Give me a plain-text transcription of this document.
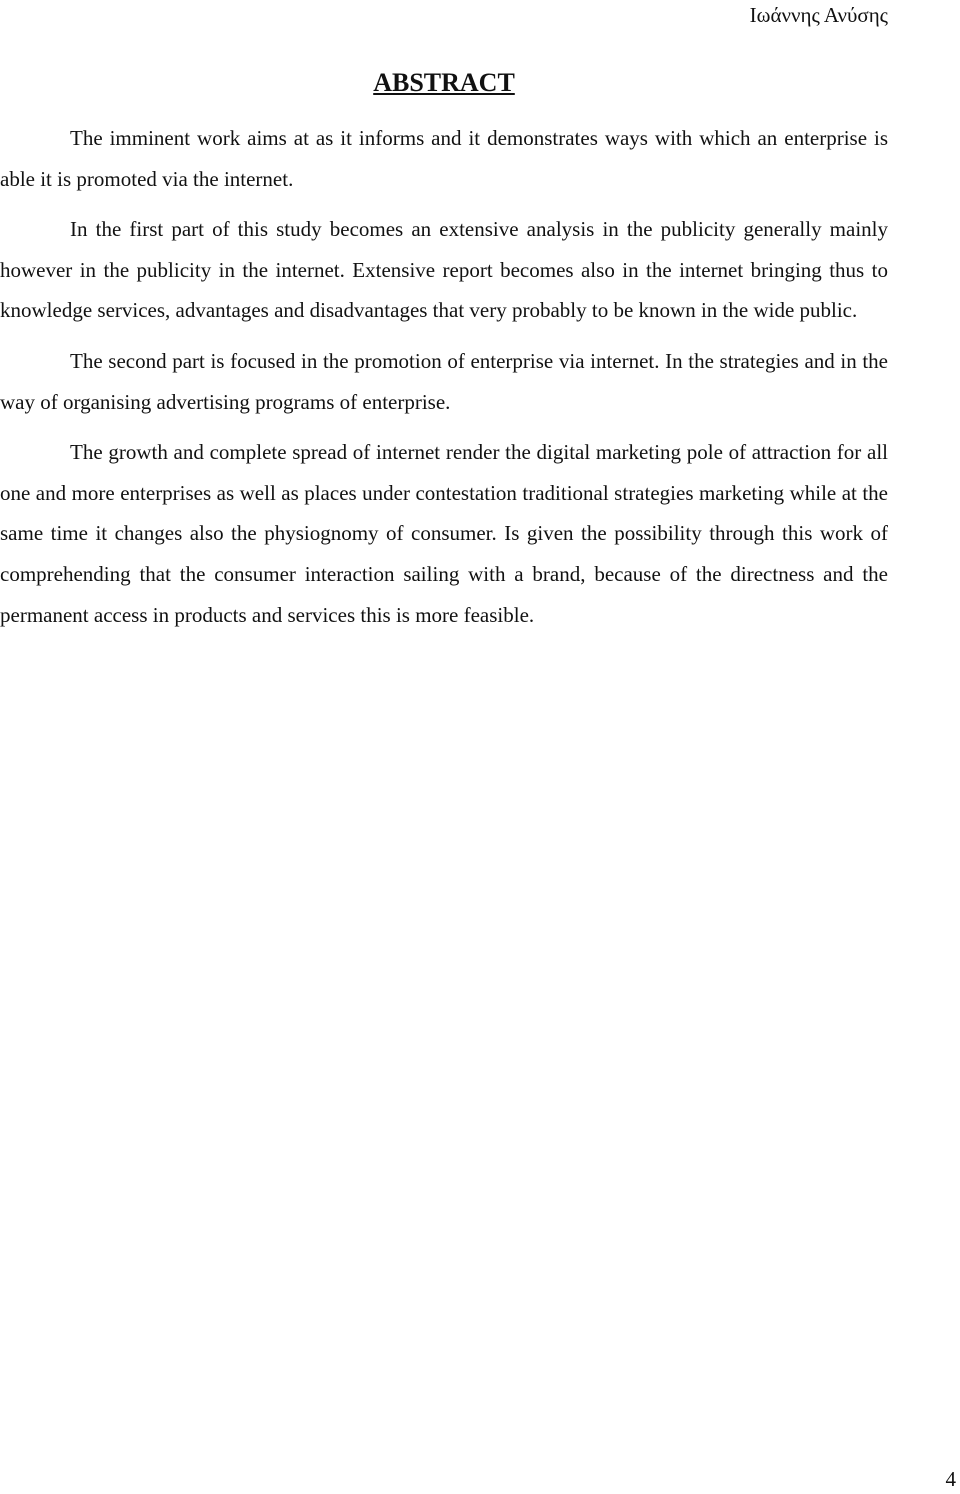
Ιωάννης Ανύσης
ABSTRACT

The imminent work aims at as it informs and it demonstrates ways with which an enterprise is able it is promoted via the internet.

In the first part of this study becomes an extensive analysis in the publicity generally mainly however in the publicity in the internet. Extensive report becomes also in the internet bringing thus to knowledge services, advantages and disadvantages that very probably to be known in the wide public.

The second part is focused in the promotion of enterprise via internet. In the strategies and in the way of organising advertising programs of enterprise.

The growth and complete spread of internet render the digital marketing pole of attraction for all one and more enterprises as well as places under contestation traditional strategies marketing while at the same time it changes also the physiognomy of consumer. Is given the possibility through this work of comprehending that the consumer interaction sailing with a brand, because of the directness and the permanent access in products and services this is more feasible.

4
